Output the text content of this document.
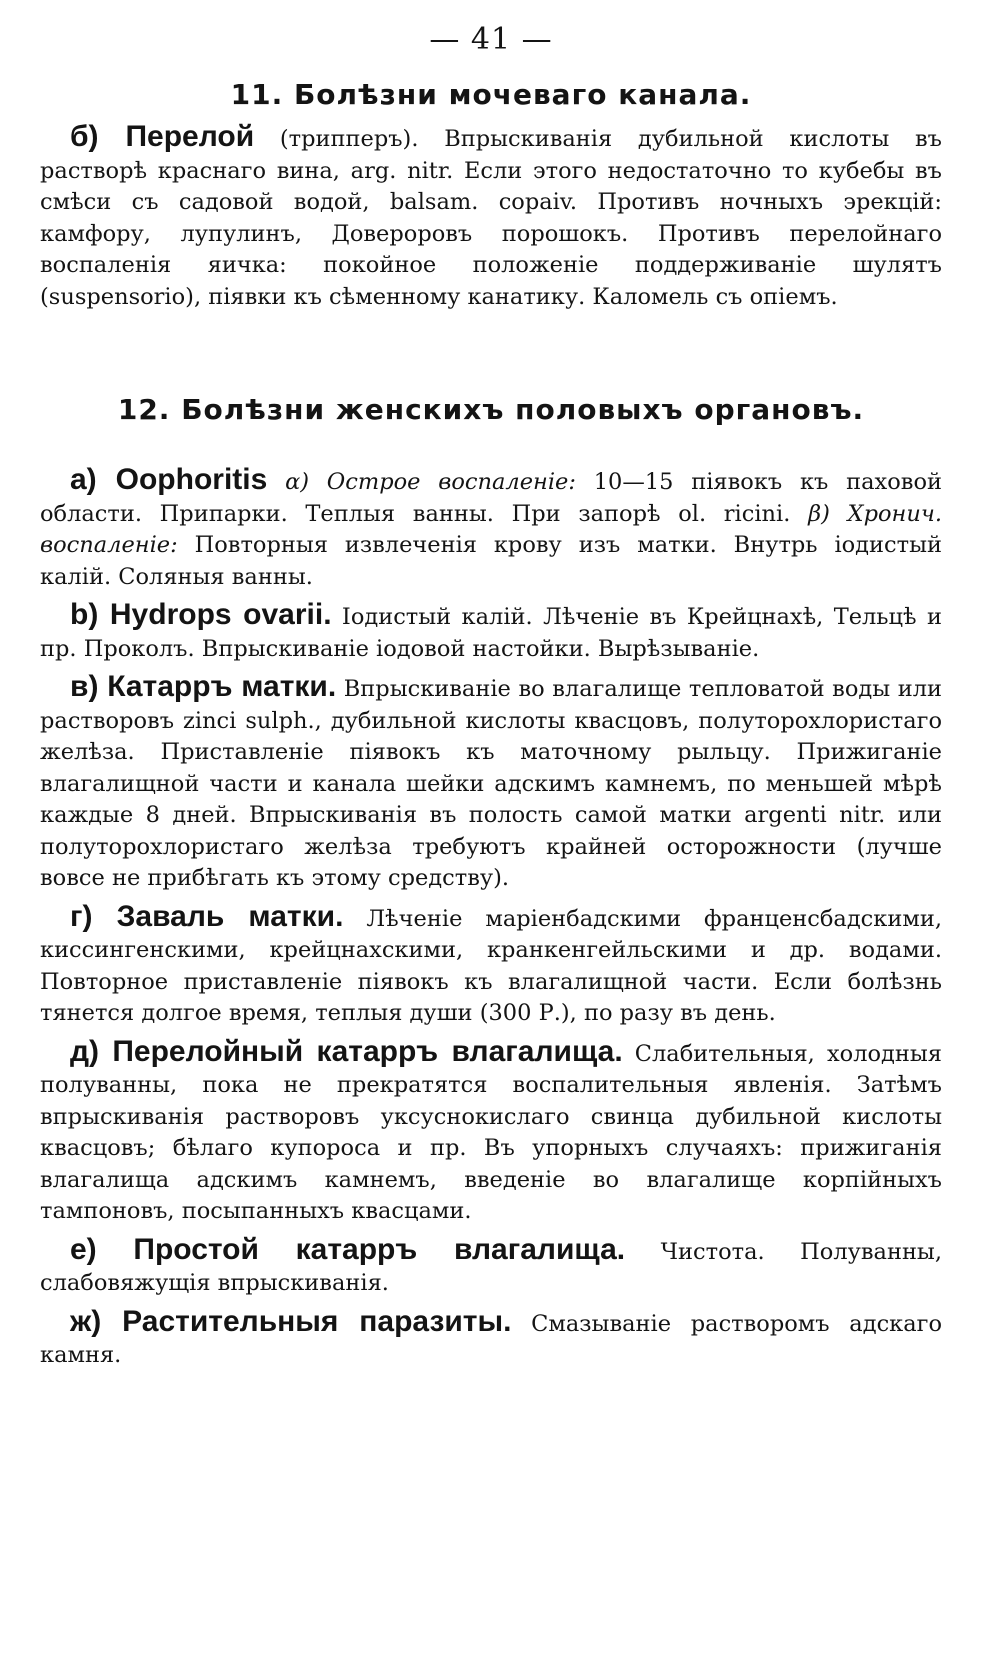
— 41 —
11. Болѣзни мочеваго канала.

б) Перелой (трипперъ). Впрыскиванія дубильной кислоты въ растворѣ краснаго вина, arg. nitr. Если этого недостаточно то кубебы въ смѣси съ садовой водой, balsam. copaiv. Противъ ночныхъ эрекцій: камфору, лупулинъ, Довероровъ порошокъ. Противъ перелойнаго воспаленія яичка: покойное положеніе поддерживаніе шулятъ (suspensorio), піявки къ сѣменному канатику. Каломель съ опіемъ.

12. Болѣзни женскихъ половыхъ органовъ.

а) Oophoritis α) Острое воспаленіе: 10—15 піявокъ къ паховой области. Припарки. Теплыя ванны. При запорѣ ol. ricini. β) Хронич. воспаленіе: Повторныя извлеченія крову изъ матки. Внутрь іодистый калій. Соляныя ванны.

b) Hydrops ovarii. Іодистый калій. Лѣченіе въ Крейцнахѣ, Тельцѣ и пр. Проколъ. Впрыскиваніе іодовой настойки. Вырѣзываніе.

в) Катарръ матки. Впрыскиваніе во влагалище тепловатой воды или растворовъ zinci sulph., дубильной кислоты квасцовъ, полуторохлористаго желѣза. Приставленіе піявокъ къ маточному рыльцу. Прижиганіе влагалищной части и канала шейки адскимъ камнемъ, по меньшей мѣрѣ каждые 8 дней. Впрыскиванія въ полость самой матки argenti nitr. или полуторохлористаго желѣза требуютъ крайней осторожности (лучше вовсе не прибѣгать къ этому средству).

г) Заваль матки. Лѣченіе маріенбадскими франценсбадскими, киссингенскими, крейцнахскими, кранкенгейльскими и др. водами. Повторное приставленіе піявокъ къ влагалищной части. Если болѣзнь тянется долгое время, теплыя души (300 Р.), по разу въ день.

д) Перелойный катарръ влагалища. Слабительныя, холодныя полуванны, пока не прекратятся воспалительныя явленія. Затѣмъ впрыскиванія растворовъ уксуснокислаго свинца дубильной кислоты квасцовъ; бѣлаго купороса и пр. Въ упорныхъ случаяхъ: прижиганія влагалища адскимъ камнемъ, введеніе во влагалище корпійныхъ тампоновъ, посыпанныхъ квасцами.

е) Простой катарръ влагалища. Чистота. Полуванны, слабовяжущія впрыскиванія.

ж) Растительныя паразиты. Смазываніе растворомъ адскаго камня.
